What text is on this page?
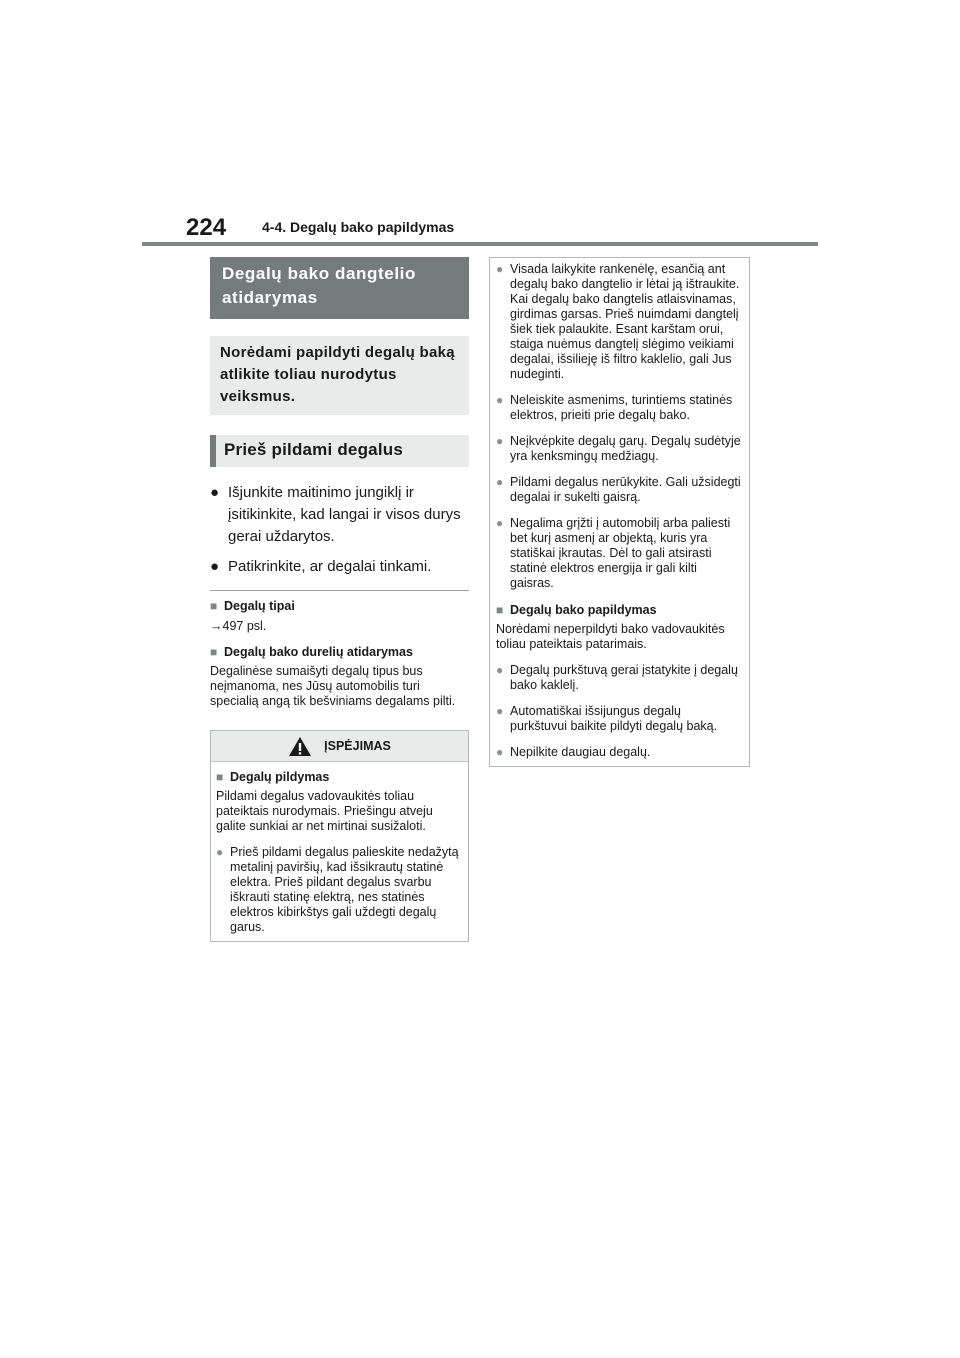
224	4-4. Degalų bako papildymas
Degalų bako dangtelio atidarymas
Norėdami papildyti degalų baką atlikite toliau nurodytus veiksmus.
Prieš pildami degalus
● Išjunkite maitinimo jungiklį ir įsitikinkite, kad langai ir visos durys gerai uždarytos.
● Patikrinkite, ar degalai tinkami.
■ Degalų tipai
→497 psl.
■ Degalų bako durelių atidarymas
Degalinėse sumaišyti degalų tipus bus neįmanoma, nes Jūsų automobilis turi specialią angą tik bešviniams degalams pilti.
ĮSPĖJIMAS
■ Degalų pildymas
Pildami degalus vadovaukitės toliau pateiktais nurodymais. Priešingu atveju galite sunkiai ar net mirtinai susižaloti.
● Prieš pildami degalus palieskite nedažytą metalinį paviršių, kad išsikrautų statinė elektra. Prieš pildant degalus svarbu iškrauti statinę elektrą, nes statinės elektros kibirkštys gali uždegti degalų garus.
● Visada laikykite rankenėlę, esančią ant degalų bako dangtelio ir lėtai ją ištraukite. Kai degalų bako dangtelis atlaisvinamas, girdimas garsas. Prieš nuimdami dangtelį šiek tiek palaukite. Esant karštam orui, staiga nuėmus dangtelį slėgimo veikiami degalai, išsilieję iš filtro kaklelio, gali Jus nudeginti.
● Neleiskite asmenims, turintiems statinės elektros, prieiti prie degalų bako.
● Neįkvėpkite degalų garų. Degalų sudėtyje yra kenksmingų medžiagų.
● Pildami degalus nerūkykite. Gali užsidegti degalai ir sukelti gaisrą.
● Negalima grįžti į automobilį arba paliesti bet kurį asmenį ar objektą, kuris yra statiškai įkrautas. Dėl to gali atsirasti statinė elektros energija ir gali kilti gaisras.
■ Degalų bako papildymas
Norėdami neperpildyti bako vadovaukitės toliau pateiktais patarimais.
● Degalų purkštuvą gerai įstatykite į degalų bako kaklelį.
● Automatiškai išsijungus degalų purkštuvui baikite pildyti degalų baką.
● Nepilkite daugiau degalų.
